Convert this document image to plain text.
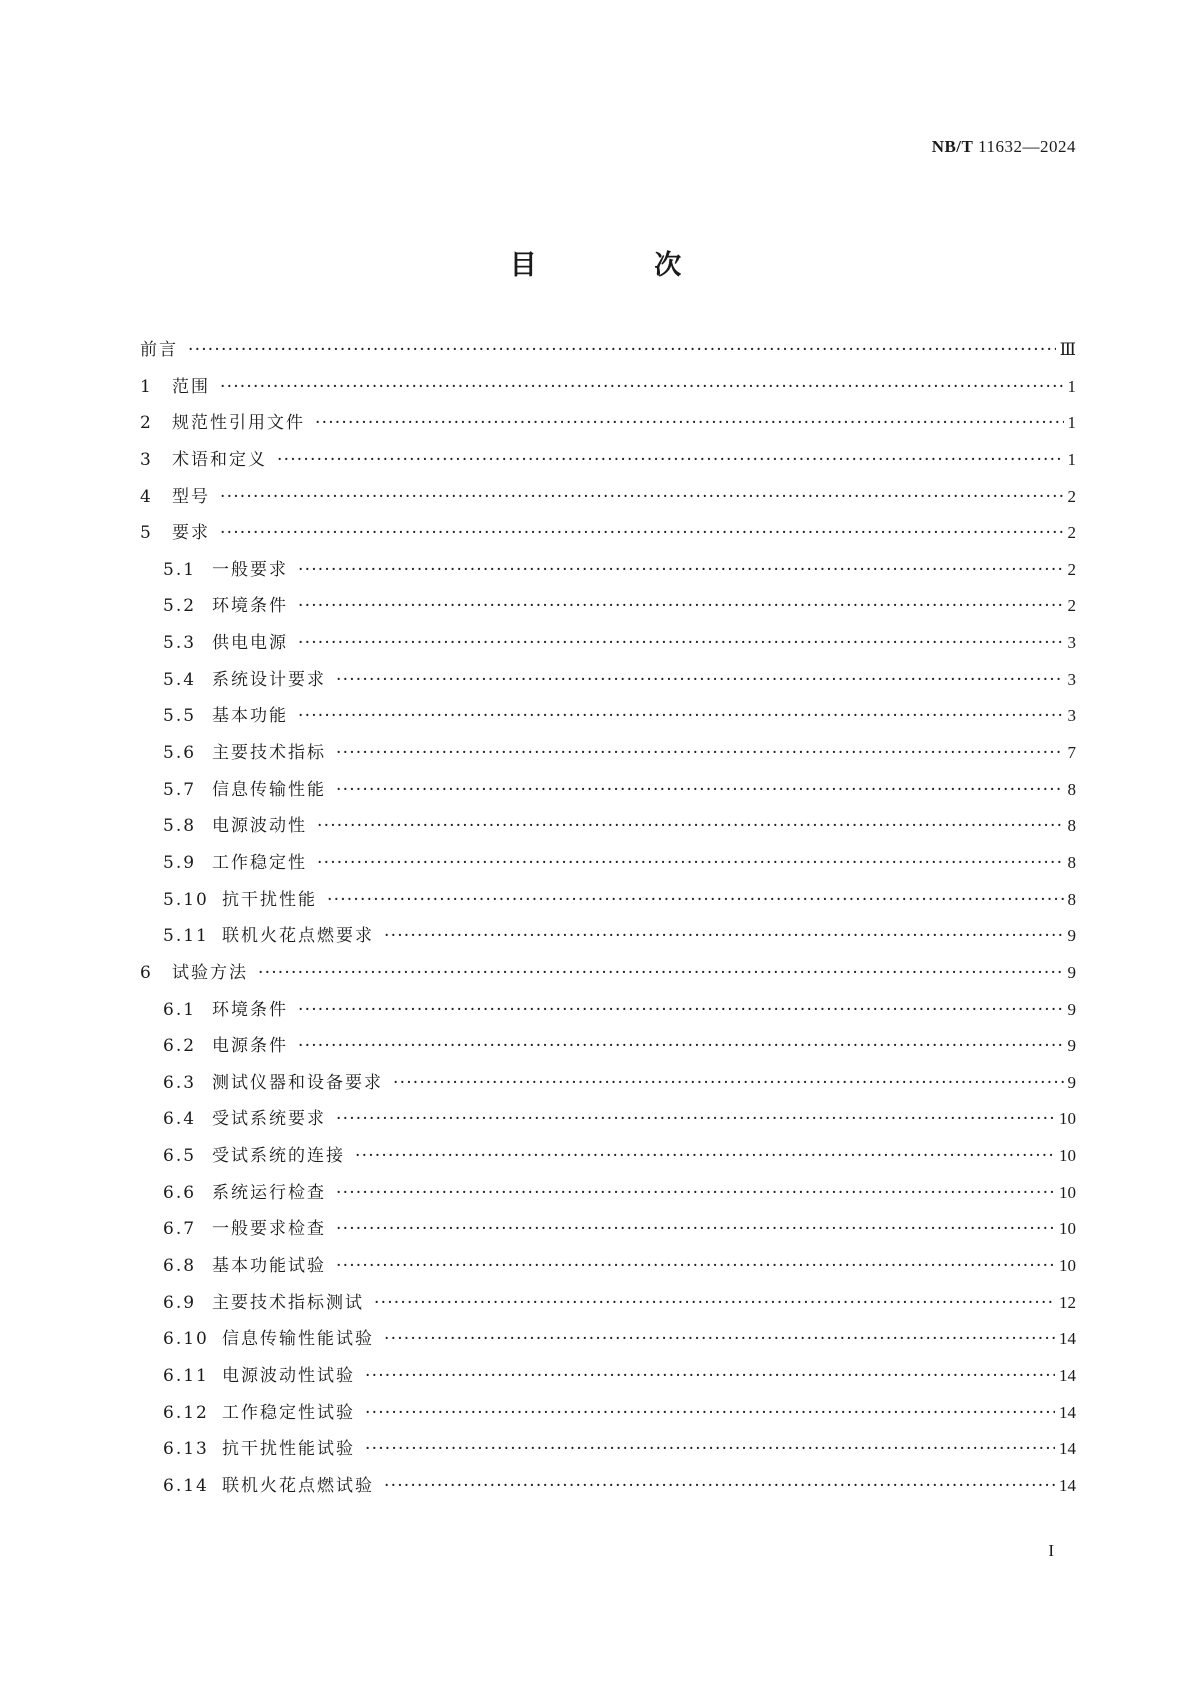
NB/T 11632—2024
目 次
前言 ·····	Ⅲ
1	范围 ·····	1
2	规范性引用文件 ·····	1
3	术语和定义 ·····	1
4	型号 ·····	2
5	要求 ·····	2
5.1 一般要求 ·····	2
5.2 环境条件 ·····	2
5.3 供电电源 ·····	3
5.4 系统设计要求 ·····	3
5.5 基本功能 ·····	3
5.6 主要技术指标 ·····	7
5.7 信息传输性能 ·····	8
5.8 电源波动性 ·····	8
5.9 工作稳定性 ·····	8
5.10 抗干扰性能 ·····	8
5.11 联机火花点燃要求 ·····	9
6	试验方法 ·····	9
6.1 环境条件 ·····	9
6.2 电源条件 ·····	9
6.3 测试仪器和设备要求 ·····	9
6.4 受试系统要求 ·····	10
6.5 受试系统的连接 ·····	10
6.6 系统运行检查 ·····	10
6.7 一般要求检查 ·····	10
6.8 基本功能试验 ·····	10
6.9 主要技术指标测试 ·····	12
6.10 信息传输性能试验 ·····	14
6.11 电源波动性试验 ·····	14
6.12 工作稳定性试验 ·····	14
6.13 抗干扰性能试验 ·····	14
6.14 联机火花点燃试验 ·····	14
I
